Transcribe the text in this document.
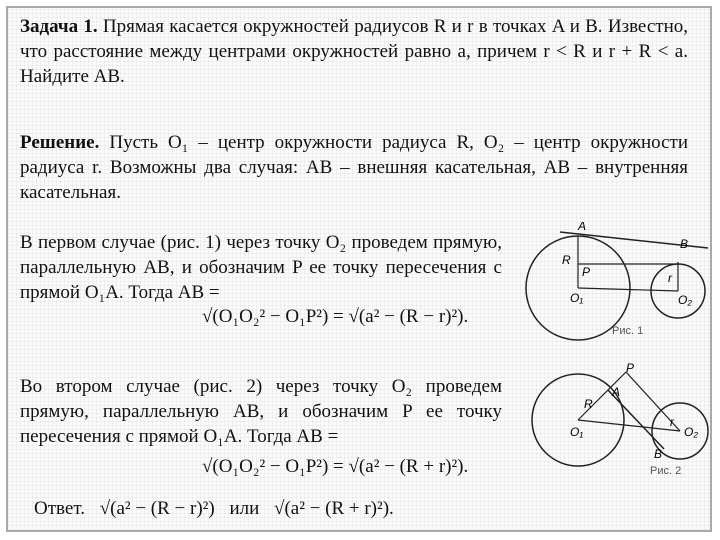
Задача 1. Прямая касается окружностей радиусов R и r в точках A и B. Известно, что расстояние между центрами окружностей равно a, причем r < R и r + R < a. Найдите AB.
Решение. Пусть O₁ – центр окружности радиуса R, O₂ – центр окружности радиуса r. Возможны два случая: AB – внешняя касательная, AB – внутренняя касательная.
В первом случае (рис. 1) через точку O₂ проведем прямую, параллельную AB, и обозначим P ее точку пересечения с прямой O₁A. Тогда AB =
√(O₁O₂² − O₁P²) = √(a² − (R − r)²).
A
B
R
P	r
O₁	O₂
Рис. 1
Во втором случае (рис. 2) через точку O₂ проведем прямую, параллельную AB, и обозначим P ее точку пересечения с прямой O₁A. Тогда AB =
√(O₁O₂² − O₁P²) = √(a² − (R + r)²).
P
R
A
O₁	O₂
r
B
Рис. 2
Ответ. √(a² − (R − r)²) или √(a² − (R + r)²).
